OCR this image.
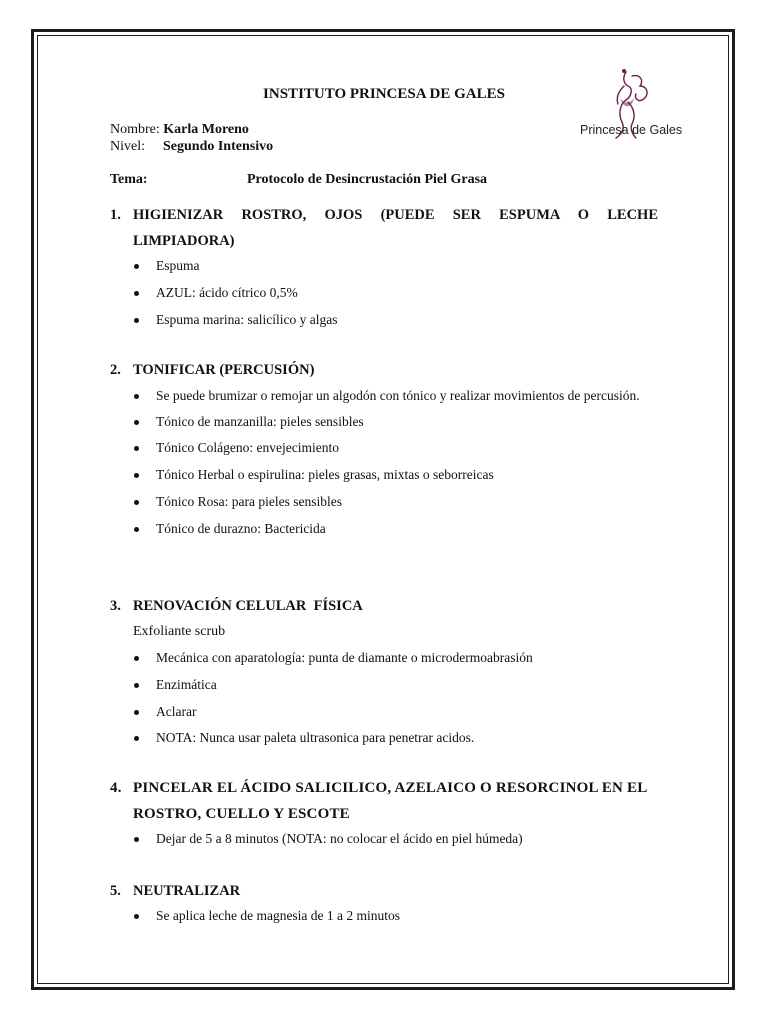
INSTITUTO PRINCESA DE GALES
Nombre: Karla Moreno
Nivel: Segundo Intensivo
Tema:	Protocolo de Desincrustación Piel Grasa
Princesa de Gales
1. HIGIENIZAR ROSTRO, OJOS (PUEDE SER ESPUMA O LECHE LIMPIADORA)
Espuma
AZUL: ácido cítrico 0,5%
Espuma marina: salicílico y algas
2. TONIFICAR (PERCUSIÓN)
Se puede brumizar o remojar un algodón con tónico y realizar movimientos de percusión.
Tónico de manzanilla: pieles sensibles
Tónico Colágeno: envejecimiento
Tónico Herbal o espirulina: pieles grasas, mixtas o seborreicas
Tónico Rosa: para pieles sensibles
Tónico de durazno: Bactericida
3. RENOVACIÓN CELULAR  FÍSICA
Exfoliante scrub
Mecánica con aparatología: punta de diamante o microdermoabrasión
Enzimática
Aclarar
NOTA: Nunca usar paleta ultrasonica para penetrar acidos.
4. PINCELAR EL ÁCIDO SALICILICO, AZELAICO O RESORCINOL EN EL ROSTRO, CUELLO Y ESCOTE
Dejar de 5 a 8 minutos (NOTA: no colocar el ácido en piel húmeda)
5. NEUTRALIZAR
Se aplica leche de magnesia de 1 a 2 minutos
